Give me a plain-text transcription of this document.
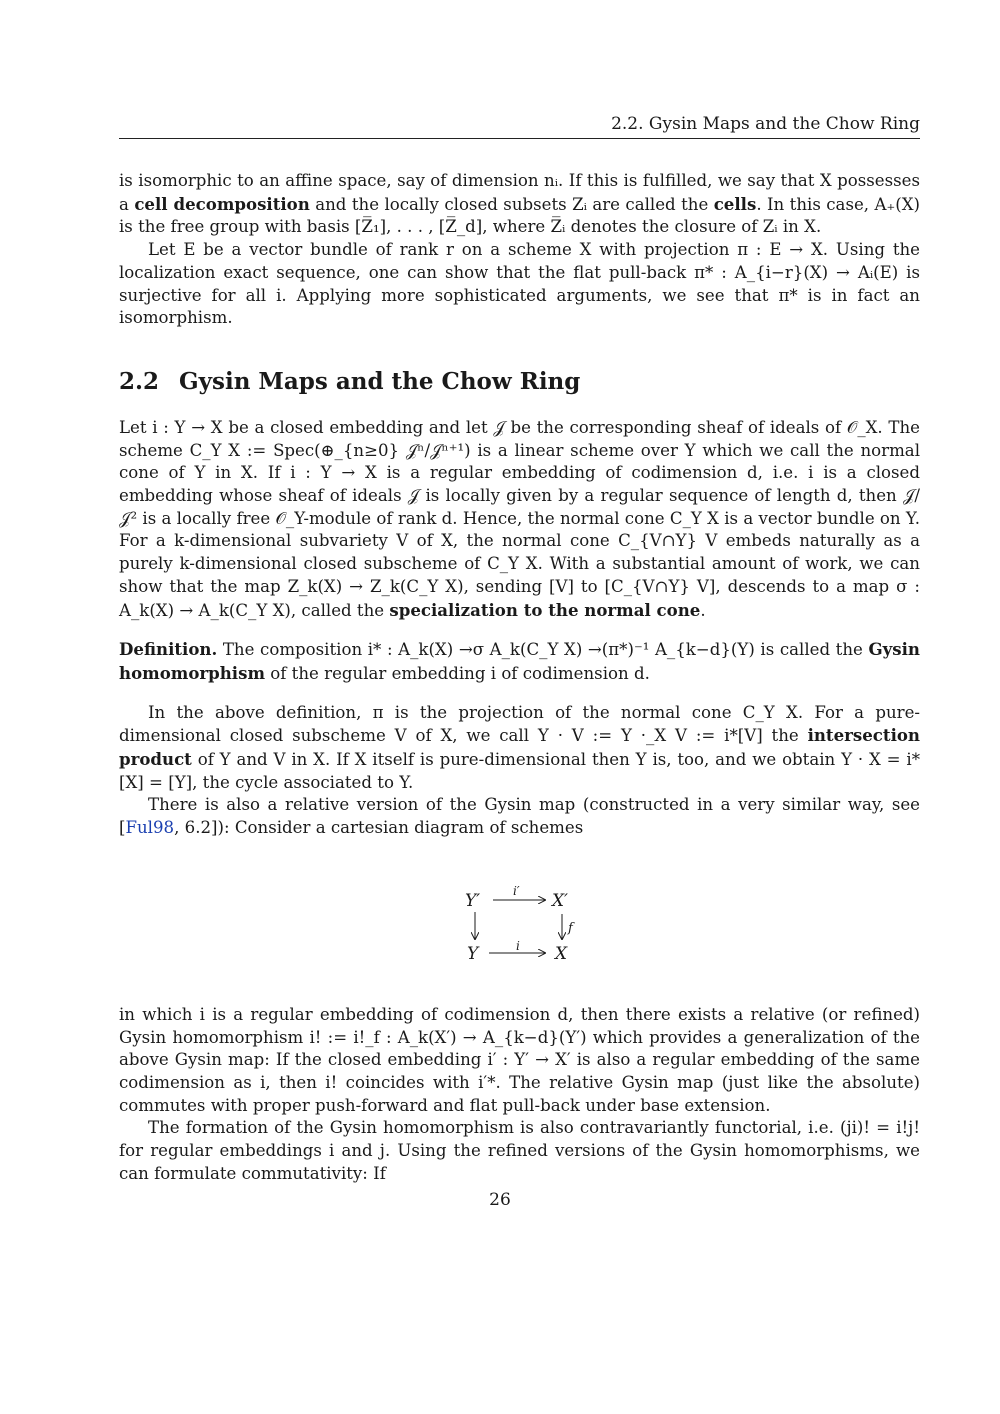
2.2. Gysin Maps and the Chow Ring

is isomorphic to an affine space, say of dimension nᵢ. If this is fulfilled, we say that X possesses a cell decomposition and the locally closed subsets Zᵢ are called the cells. In this case, A₊(X) is the free group with basis [Z̅₁], . . . , [Z̅_d], where Z̅ᵢ denotes the closure of Zᵢ in X.

Let E be a vector bundle of rank r on a scheme X with projection π : E → X. Using the localization exact sequence, one can show that the flat pull-back π* : A_{i−r}(X) → Aᵢ(E) is surjective for all i. Applying more sophisticated arguments, we see that π* is in fact an isomorphism.

2.2 Gysin Maps and the Chow Ring

Let i : Y → X be a closed embedding and let 𝒥 be the corresponding sheaf of ideals of 𝒪_X. The scheme C_Y X := Spec(⊕_{n≥0} 𝒥ⁿ/𝒥ⁿ⁺¹) is a linear scheme over Y which we call the normal cone of Y in X. If i : Y → X is a regular embedding of codimension d, i.e. i is a closed embedding whose sheaf of ideals 𝒥 is locally given by a regular sequence of length d, then 𝒥/𝒥² is a locally free 𝒪_Y-module of rank d. Hence, the normal cone C_Y X is a vector bundle on Y. For a k-dimensional subvariety V of X, the normal cone C_{V∩Y} V embeds naturally as a purely k-dimensional closed subscheme of C_Y X. With a substantial amount of work, we can show that the map Z_k(X) → Z_k(C_Y X), sending [V] to [C_{V∩Y} V], descends to a map σ : A_k(X) → A_k(C_Y X), called the specialization to the normal cone.

Definition. The composition i* : A_k(X) →σ A_k(C_Y X) →(π*)⁻¹ A_{k−d}(Y) is called the Gysin homomorphism of the regular embedding i of codimension d.

In the above definition, π is the projection of the normal cone C_Y X. For a pure-dimensional closed subscheme V of X, we call Y · V := Y ·_X V := i*[V] the intersection product of Y and V in X. If X itself is pure-dimensional then Y is, too, and we obtain Y · X = i*[X] = [Y], the cycle associated to Y.

There is also a relative version of the Gysin map (constructed in a very similar way, see [Ful98, 6.2]): Consider a cartesian diagram of schemes

Y′	X′
Y	X
i′
i
f

in which i is a regular embedding of codimension d, then there exists a relative (or refined) Gysin homomorphism i! := i!_f : A_k(X′) → A_{k−d}(Y′) which provides a generalization of the above Gysin map: If the closed embedding i′ : Y′ → X′ is also a regular embedding of the same codimension as i, then i! coincides with i′*. The relative Gysin map (just like the absolute) commutes with proper push-forward and flat pull-back under base extension.

The formation of the Gysin homomorphism is also contravariantly functorial, i.e. (ji)! = i!j! for regular embeddings i and j. Using the refined versions of the Gysin homomorphisms, we can formulate commutativity: If

26
